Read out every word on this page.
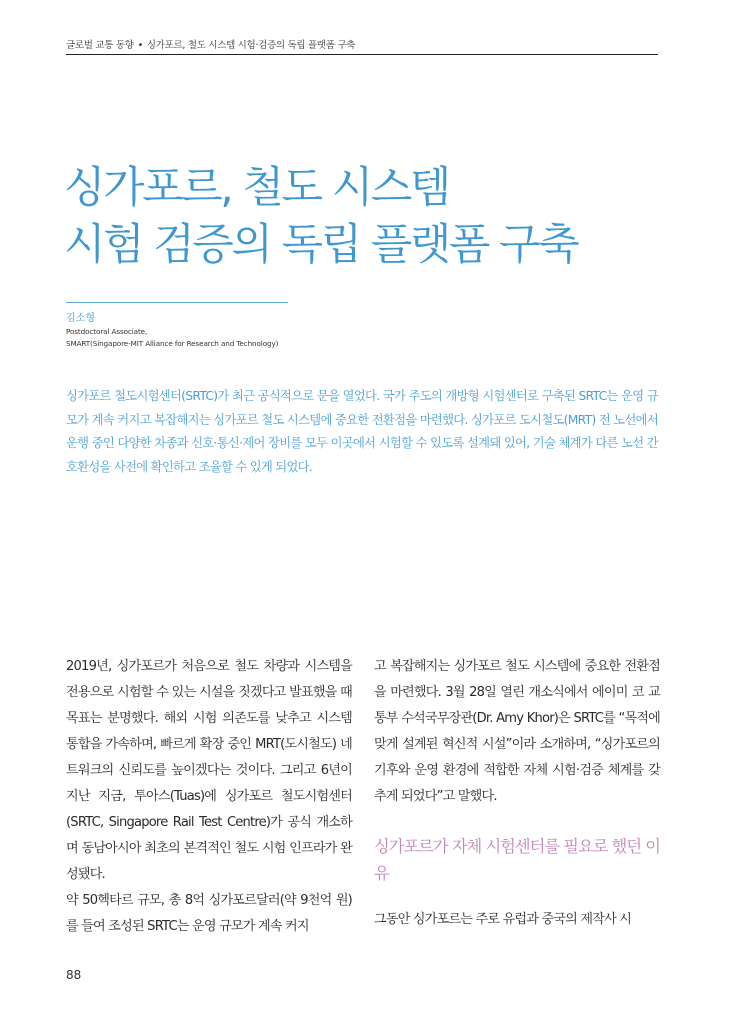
글로벌 교통 동향 • 싱가포르, 철도 시스템 시험·검증의 독립 플랫폼 구축
싱가포르, 철도 시스템
시험 검증의 독립 플랫폼 구축
김소형
Postdoctoral Associate,
SMART(Singapore-MIT Alliance for Research and Technology)

싱가포르 철도시험센터(SRTC)가 최근 공식적으로 문을 열었다. 국가 주도의 개방형 시험센터로 구축된 SRTC는 운영 규모가 계속 커지고 복잡해지는 싱가포르 철도 시스템에 중요한 전환점을 마련했다. 싱가포르 도시철도(MRT) 전 노선에서 운행 중인 다양한 차종과 신호·통신·제어 장비를 모두 이곳에서 시험할 수 있도록 설계돼 있어, 기술 체계가 다른 노선 간 호환성을 사전에 확인하고 조율할 수 있게 되었다.

2019년, 싱가포르가 처음으로 철도 차량과 시스템을 전용으로 시험할 수 있는 시설을 짓겠다고 발표했을 때 목표는 분명했다. 해외 시험 의존도를 낮추고 시스템 통합을 가속하며, 빠르게 확장 중인 MRT(도시철도) 네트워크의 신뢰도를 높이겠다는 것이다. 그리고 6년이 지난 지금, 투아스(Tuas)에 싱가포르 철도시험센터(SRTC, Singapore Rail Test Centre)가 공식 개소하며 동남아시아 최초의 본격적인 철도 시험 인프라가 완성됐다.

약 50헥타르 규모, 총 8억 싱가포르달러(약 9천억 원)를 들여 조성된 SRTC는 운영 규모가 계속 커지

고 복잡해지는 싱가포르 철도 시스템에 중요한 전환점을 마련했다. 3월 28일 열린 개소식에서 에이미 코 교통부 수석국무장관(Dr. Amy Khor)은 SRTC를 “목적에 맞게 설계된 혁신적 시설”이라 소개하며, “싱가포르의 기후와 운영 환경에 적합한 자체 시험·검증 체계를 갖추게 되었다”고 말했다.

싱가포르가 자체 시험센터를 필요로 했던 이유

그동안 싱가포르는 주로 유럽과 중국의 제작사 시

88
